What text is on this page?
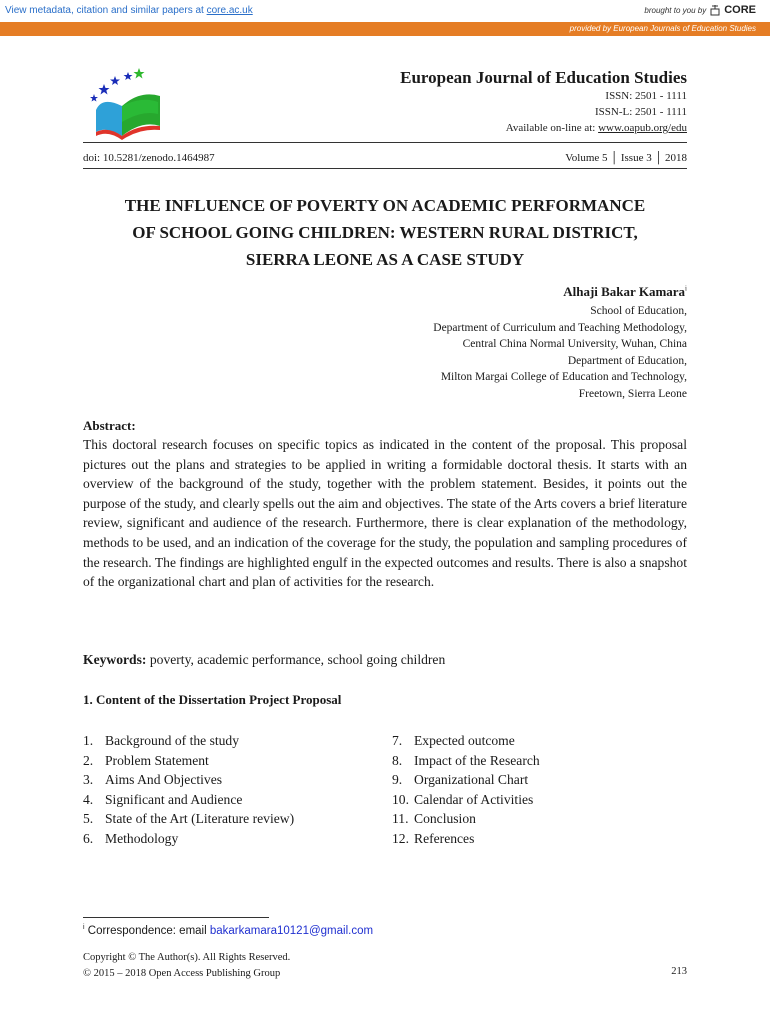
View metadata, citation and similar papers at core.ac.uk	brought to you by CORE
provided by European Journals of Education Studies
European Journal of Education Studies
ISSN: 2501 - 1111
ISSN-L: 2501 - 1111
Available on-line at: www.oapub.org/edu
doi: 10.5281/zenodo.1464987	Volume 5 │ Issue 3 │ 2018
THE INFLUENCE OF POVERTY ON ACADEMIC PERFORMANCE
OF SCHOOL GOING CHILDREN: WESTERN RURAL DISTRICT,
SIERRA LEONE AS A CASE STUDY
Alhaji Bakar Kamara$^i$
School of Education,
Department of Curriculum and Teaching Methodology,
Central China Normal University, Wuhan, China
Department of Education,
Milton Margai College of Education and Technology,
Freetown, Sierra Leone
Abstract:
This doctoral research focuses on specific topics as indicated in the content of the proposal. This proposal pictures out the plans and strategies to be applied in writing a formidable doctoral thesis. It starts with an overview of the background of the study, together with the problem statement. Besides, it points out the purpose of the study, and clearly spells out the aim and objectives. The state of the Arts covers a brief literature review, significant and audience of the research. Furthermore, there is clear explanation of the methodology, methods to be used, and an indication of the coverage for the study, the population and sampling procedures of the research. The findings are highlighted engulf in the expected outcomes and results. There is also a snapshot of the organizational chart and plan of activities for the research.
Keywords: poverty, academic performance, school going children
1. Content of the Dissertation Project Proposal
1. Background of the study
2. Problem Statement
3. Aims And Objectives
4. Significant and Audience
5. State of the Art (Literature review)
6. Methodology
7. Expected outcome
8. Impact of the Research
9. Organizational Chart
10. Calendar of Activities
11. Conclusion
12. References
$^i$ Correspondence: email bakarkamara10121@gmail.com
Copyright © The Author(s). All Rights Reserved.
© 2015 – 2018 Open Access Publishing Group	213
